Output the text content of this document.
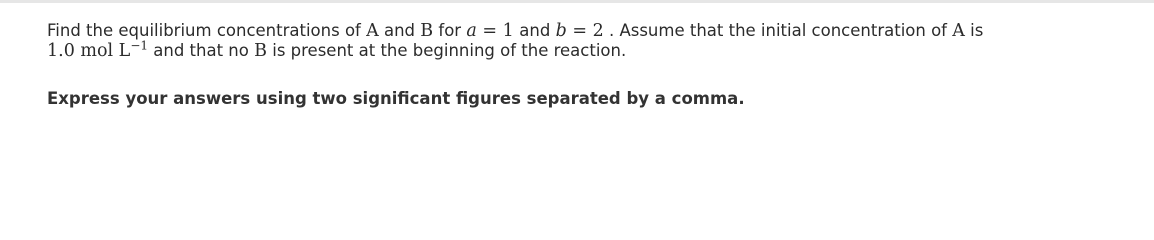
Find the equilibrium concentrations of A and B for a = 1 and b = 2 . Assume that the initial concentration of A is
1.0 mol $L^{-1}$ and that no B is present at the beginning of the reaction.

Express your answers using two significant figures separated by a comma.
